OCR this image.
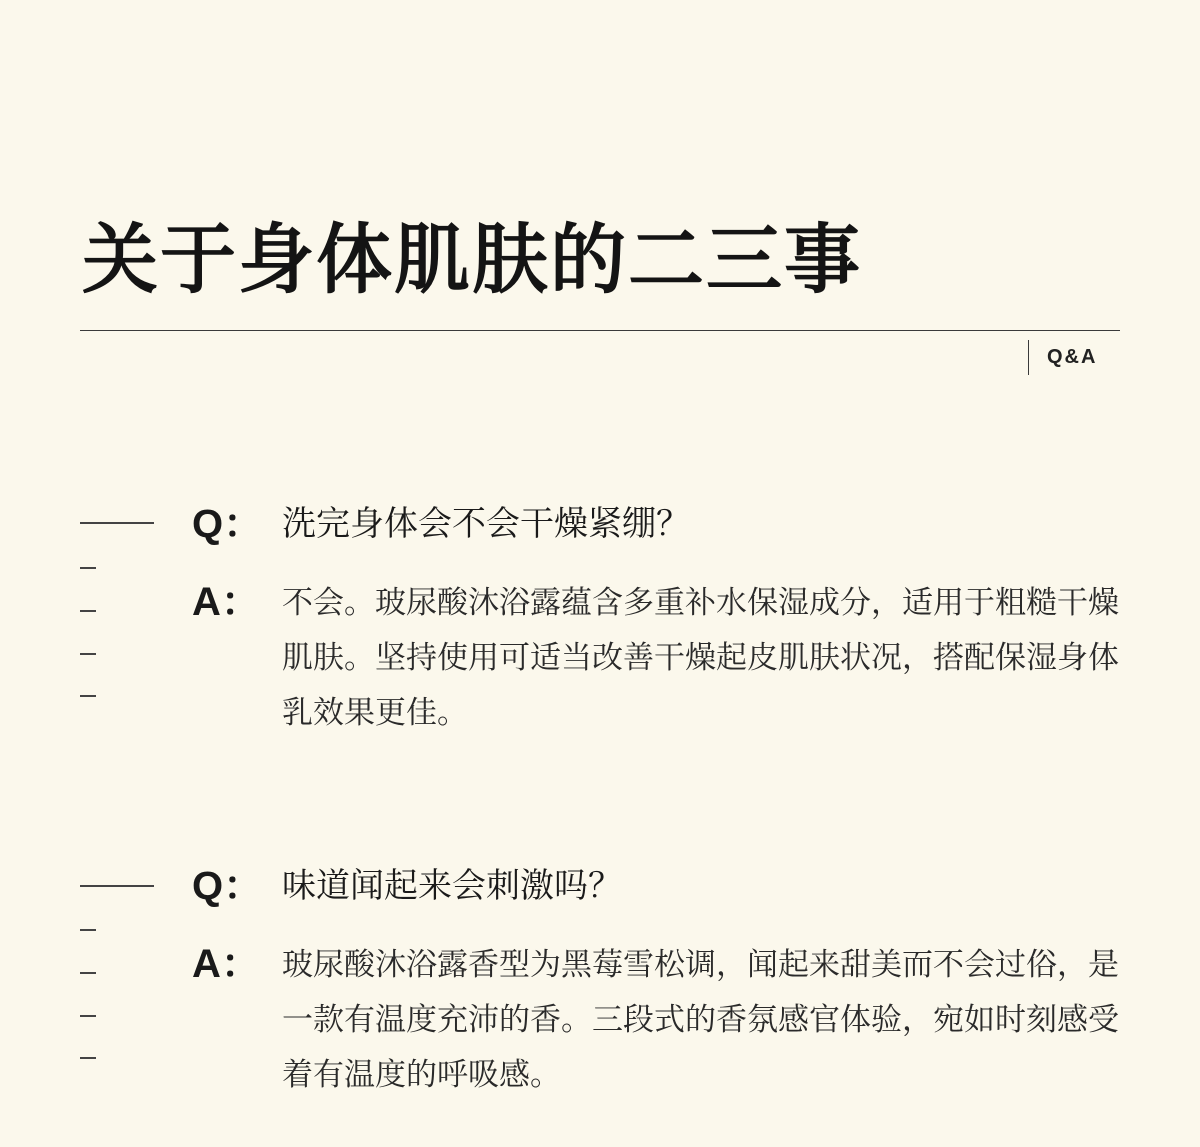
关于身体肌肤的二三事
Q&A
Q： 洗完身体会不会干燥紧绷？
A： 不会。玻尿酸沐浴露蕴含多重补水保湿成分，适用于粗糙干燥肌肤。坚持使用可适当改善干燥起皮肌肤状况，搭配保湿身体乳效果更佳。
Q： 味道闻起来会刺激吗？
A： 玻尿酸沐浴露香型为黑莓雪松调，闻起来甜美而不会过俗，是一款有温度充沛的香。三段式的香氛感官体验，宛如时刻感受着有温度的呼吸感。
